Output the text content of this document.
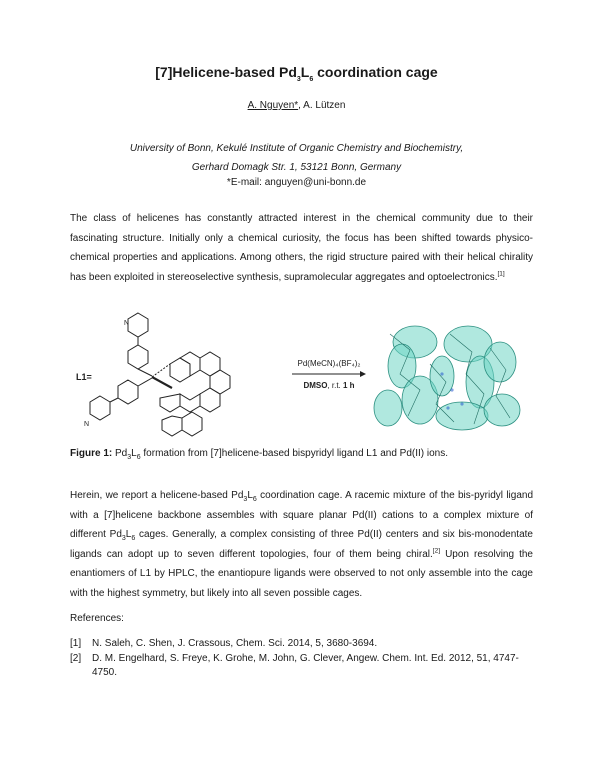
[7]Helicene-based $Pd_3L_6$ coordination cage
A. Nguyen*, A. Lützen
University of Bonn, Kekulé Institute of Organic Chemistry and Biochemistry,
Gerhard Domagk Str. 1, 53121 Bonn, Germany
*E-mail: anguyen@uni-bonn.de
The class of helicenes has constantly attracted interest in the chemical community due to their fascinating structure. Initially only a chemical curiosity, the focus has been shifted towards physico-chemical properties and applications. Among others, the rigid structure paired with their helical chirality has been exploited in stereoselective synthesis, supramolecular aggregates and optoelectronics.[1]
L1=
N
N
Pd(MeCN)₄(BF₄)₂
DMSO, r.t. 1 h
Figure 1: $Pd_3L_6$ formation from [7]helicene-based bispyridyl ligand L1 and Pd(II) ions.
Herein, we report a helicene-based $Pd_3L_6$ coordination cage. A racemic mixture of the bis-pyridyl ligand with a [7]helicene backbone assembles with square planar Pd(II) cations to a complex mixture of different $Pd_3L_6$ cages. Generally, a complex consisting of three Pd(II) centers and six bis-monodentate ligands can adopt up to seven different topologies, four of them being chiral.[2] Upon resolving the enantiomers of L1 by HPLC, the enantiopure ligands were observed to not only assemble into the cage with the highest symmetry, but likely into all seven possible cages.
References:
[1] N. Saleh, C. Shen, J. Crassous, Chem. Sci. 2014, 5, 3680-3694.
[2] D. M. Engelhard, S. Freye, K. Grohe, M. John, G. Clever, Angew. Chem. Int. Ed. 2012, 51, 4747-4750.
